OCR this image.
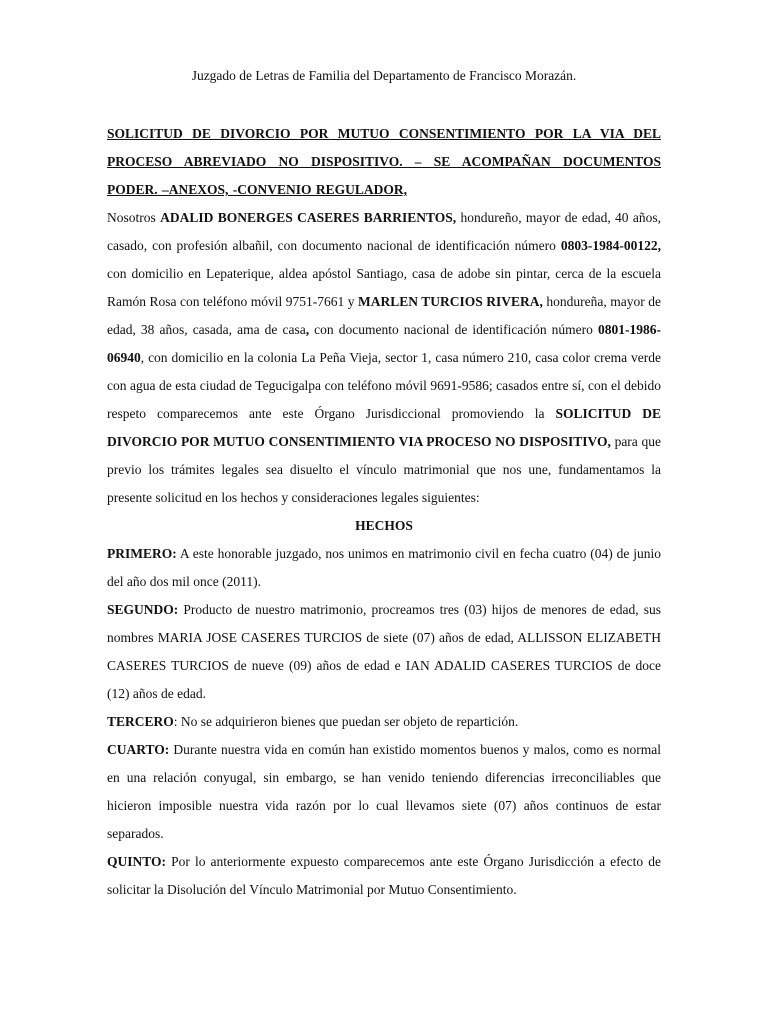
Juzgado de Letras de Familia del Departamento de Francisco Morazán.

SOLICITUD DE DIVORCIO POR MUTUO CONSENTIMIENTO POR LA VIA DEL PROCESO ABREVIADO NO DISPOSITIVO. – SE ACOMPAÑAN DOCUMENTOS PODER. –ANEXOS, -CONVENIO REGULADOR,

Nosotros ADALID BONERGES CASERES BARRIENTOS, hondureño, mayor de edad, 40 años, casado, con profesión albañil, con documento nacional de identificación número 0803-1984-00122, con domicilio en Lepaterique, aldea apóstol Santiago, casa de adobe sin pintar, cerca de la escuela Ramón Rosa con teléfono móvil 9751-7661 y MARLEN TURCIOS RIVERA, hondureña, mayor de edad, 38 años, casada, ama de casa, con documento nacional de identificación número 0801-1986-06940, con domicilio en la colonia La Peña Vieja, sector 1, casa número 210, casa color crema verde con agua de esta ciudad de Tegucigalpa con teléfono móvil 9691-9586; casados entre sí, con el debido respeto comparecemos ante este Órgano Jurisdiccional promoviendo la SOLICITUD DE DIVORCIO POR MUTUO CONSENTIMIENTO VIA PROCESO NO DISPOSITIVO, para que previo los trámites legales sea disuelto el vínculo matrimonial que nos une, fundamentamos la presente solicitud en los hechos y consideraciones legales siguientes:

HECHOS

PRIMERO: A este honorable juzgado, nos unimos en matrimonio civil en fecha cuatro (04) de junio del año dos mil once (2011).

SEGUNDO: Producto de nuestro matrimonio, procreamos tres (03) hijos de menores de edad, sus nombres MARIA JOSE CASERES TURCIOS de siete (07) años de edad, ALLISSON ELIZABETH CASERES TURCIOS de nueve (09) años de edad e IAN ADALID CASERES TURCIOS de doce (12) años de edad.

TERCERO: No se adquirieron bienes que puedan ser objeto de repartición.

CUARTO: Durante nuestra vida en común han existido momentos buenos y malos, como es normal en una relación conyugal, sin embargo, se han venido teniendo diferencias irreconciliables que hicieron imposible nuestra vida razón por lo cual llevamos siete (07) años continuos de estar separados.

QUINTO: Por lo anteriormente expuesto comparecemos ante este Órgano Jurisdicción a efecto de solicitar la Disolución del Vínculo Matrimonial por Mutuo Consentimiento.
